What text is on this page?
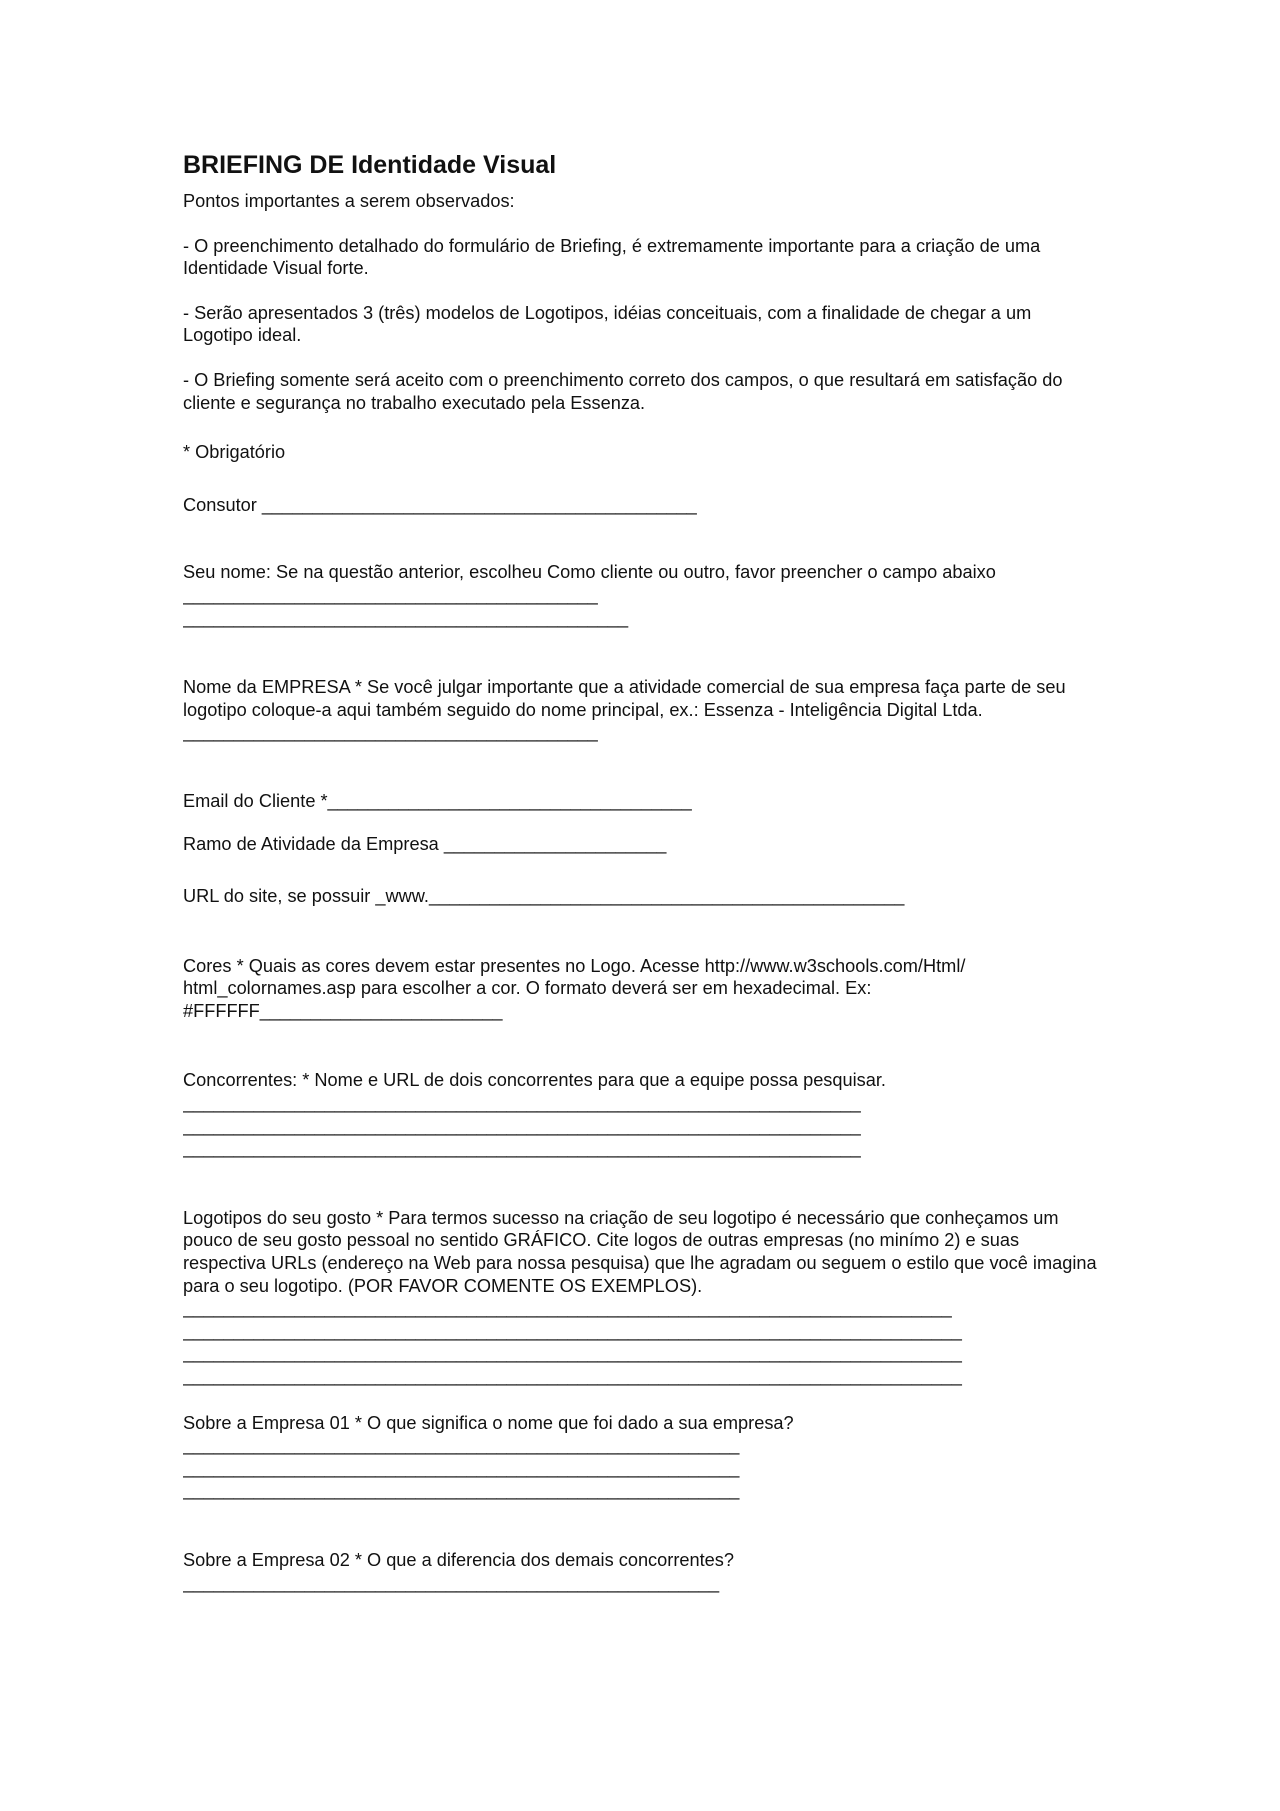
BRIEFING DE Identidade Visual

Pontos importantes a serem observados:

- O preenchimento detalhado do formulário de Briefing, é extremamente importante para a criação de uma Identidade Visual forte.

- Serão apresentados 3 (três) modelos de Logotipos, idéias conceituais, com a finalidade de chegar a um Logotipo ideal.

- O Briefing somente será aceito com o preenchimento correto dos campos, o que resultará em satisfação do cliente e segurança no trabalho executado pela Essenza.

* Obrigatório

Consutor ___________________________________________

Seu nome: Se na questão anterior, escolheu Como cliente ou outro, favor preencher o campo abaixo

_________________________________________
____________________________________________

Nome da EMPRESA * Se você julgar importante que a atividade comercial de sua empresa faça parte de seu logotipo coloque-a aqui também seguido do nome principal, ex.: Essenza - Inteligência Digital Ltda.

_________________________________________

Email do Cliente *____________________________________

Ramo de Atividade da Empresa ______________________

URL do site, se possuir _www._______________________________________________

Cores * Quais as cores devem estar presentes no Logo. Acesse http://www.w3schools.com/Html/ html_colornames.asp para escolher a cor. O formato deverá ser em hexadecimal. Ex: #FFFFFF________________________

Concorrentes: * Nome e URL de dois concorrentes para que a equipe possa pesquisar.

___________________________________________________________________
___________________________________________________________________
___________________________________________________________________

Logotipos do seu gosto * Para termos sucesso na criação de seu logotipo é necessário que conheçamos um pouco de seu gosto pessoal no sentido GRÁFICO. Cite logos de outras empresas (no minímo 2) e suas respectiva URLs (endereço na Web para nossa pesquisa) que lhe agradam ou seguem o estilo que você imagina para o seu logotipo. (POR FAVOR COMENTE OS EXEMPLOS).

____________________________________________________________________________
_____________________________________________________________________________
_____________________________________________________________________________
_____________________________________________________________________________

Sobre a Empresa 01 * O que significa o nome que foi dado a sua empresa?

_______________________________________________________
_______________________________________________________
_______________________________________________________

Sobre a Empresa 02 * O que a diferencia dos demais concorrentes?

_____________________________________________________
